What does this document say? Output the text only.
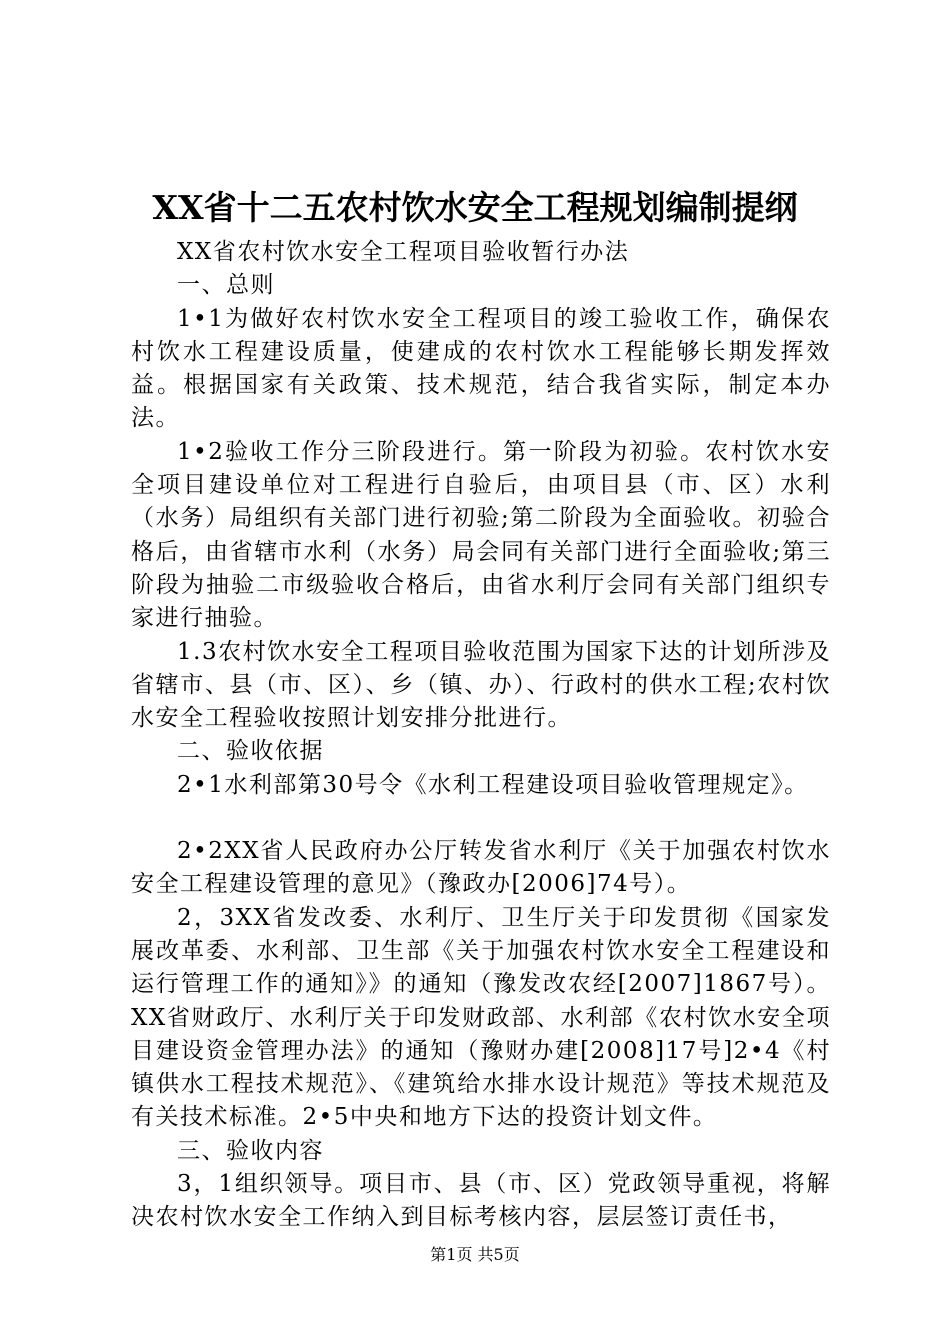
XX省十二五农村饮水安全工程规划编制提纲

XX省农村饮水安全工程项目验收暂行办法

一、总则

1•1为做好农村饮水安全工程项目的竣工验收工作，确保农村饮水工程建设质量，使建成的农村饮水工程能够长期发挥效益。根据国家有关政策、技术规范，结合我省实际，制定本办法。

1•2验收工作分三阶段进行。第一阶段为初验。农村饮水安全项目建设单位对工程进行自验后，由项目县（市、区）水利（水务）局组织有关部门进行初验;第二阶段为全面验收。初验合格后，由省辖市水利（水务）局会同有关部门进行全面验收;第三阶段为抽验二市级验收合格后，由省水利厅会同有关部门组织专家进行抽验。

1.3农村饮水安全工程项目验收范围为国家下达的计划所涉及省辖市、县（市、区）、乡（镇、办）、行政村的供水工程;农村饮水安全工程验收按照计划安排分批进行。

二、验收依据

2•1水利部第30号令《水利工程建设项目验收管理规定》。

2•2XX省人民政府办公厅转发省水利厅《关于加强农村饮水安全工程建设管理的意见》（豫政办[2006]74号）。

2，3XX省发改委、水利厅、卫生厅关于印发贯彻《国家发展改革委、水利部、卫生部《关于加强农村饮水安全工程建设和运行管理工作的通知》》的通知（豫发改农经[2007]1867号）。XX省财政厅、水利厅关于印发财政部、水利部《农村饮水安全项目建设资金管理办法》的通知（豫财办建[2008]17号]2•4《村镇供水工程技术规范》、《建筑给水排水设计规范》等技术规范及有关技术标准。2•5中央和地方下达的投资计划文件。

三、验收内容

3，1组织领导。项目市、县（市、区）党政领导重视，将解决农村饮水安全工作纳入到目标考核内容，层层签订责任书，

第1页 共5页
